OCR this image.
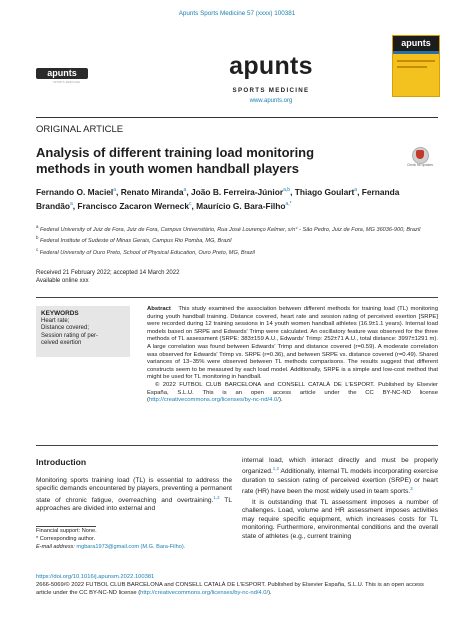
Apunts Sports Medicine 57 (xxxx) 100381
apunts
SPORTS MEDICINE
apunts
SPORTS MEDICINE
www.apunts.org
apunts
ORIGINAL ARTICLE
Analysis of different training load monitoring methods in youth women handball players	Check for updates
Fernando O. Maciel$^a$, Renato Miranda$^a$, João B. Ferreira-Júnior$^{a,b}$, Thiago Goulart$^a$, Fernanda Brandão$^a$, Francisco Zacaron Werneck$^c$, Maurício G. Bara-Filho$^{a,*}$
$^a$ Federal University of Juiz de Fora, Juiz de Fora, Campus Universitário, Rua José Lourenço Kelmer, s/n° - São Pedro, Juiz de Fora, MG 36036-900, Brazil
$^b$ Federal Institute of Sudeste of Minas Gerais, Campus Rio Pomba, MG, Brazil
$^c$ Federal University of Ouro Preto, School of Physical Education, Ouro Preto, MG, Brazil
Received 21 February 2022; accepted 14 March 2022
Available online xxx
KEYWORDS
Heart rate;
Distance covered;
Session rating of per-
ceived exertion
Abstract This study examined the association between different methods for training load (TL) monitoring during youth handball training. Distance covered, heart rate and session rating of perceived exertion [SRPE] were recorded during 12 training sessions in 14 youth women handball athletes (16.9±1.1 years). Internal load models based on SRPE and Edwards' Trimp were calculated. An oscillatory feature was observed for the three methods of TL assessment (SRPE: 383±159 A.U., Edwards' Trimp: 252±71 A.U., total distance: 3997±1291 m). A large correlation was found between Edwards' Trimp and distance covered (r=0.59). A moderate correlation was observed for Edwards' Trimp vs. SRPE (r=0.36), and between SRPE vs. distance covered (r=0.49). Shared variances of 13−35% were observed between TL methods comparisons. The results suggest that different constructs seem to be measured by each load model. Additionally, SRPE is a simple and low-cost method that might be used for TL monitoring in handball.
© 2022 FUTBOL CLUB BARCELONA and CONSELL CATALÀ DE L'ESPORT. Published by Elsevier España, S.L.U. This is an open access article under the CC BY-NC-ND license (http://creativecommons.org/licenses/by-nc-nd/4.0/).
Introduction

Monitoring sports training load (TL) is essential to address the specific demands encountered by players, preventing a permanent state of chronic fatigue, overreaching and overtraining.$^{1,2}$ TL approaches are divided into external and

internal load, which interact directly and must be properly organized.$^{1,2}$ Additionally, internal TL models incorporating exercise duration to session rating of perceived exertion (SRPE) or heart rate (HR) have been the most widely used in team sports.$^3$

It is outstanding that TL assessment imposes a number of challenges. Load, volume and HR assessment imposes activities may require specific equipment, which increases costs for TL monitoring. Furthermore, environmental conditions and the overall state of athletes (e.g., current training

Financial support: None.
* Corresponding author.
E-mail address: mgbara1973@gmail.com (M.G. Bara-Filho).
https://doi.org/10.1016/j.apunsm.2022.100381
2666-5069/© 2022 FUTBOL CLUB BARCELONA and CONSELL CATALÀ DE L'ESPORT. Published by Elsevier España, S.L.U. This is an open access
article under the CC BY-NC-ND license (http://creativecommons.org/licenses/by-nc-nd/4.0/).
